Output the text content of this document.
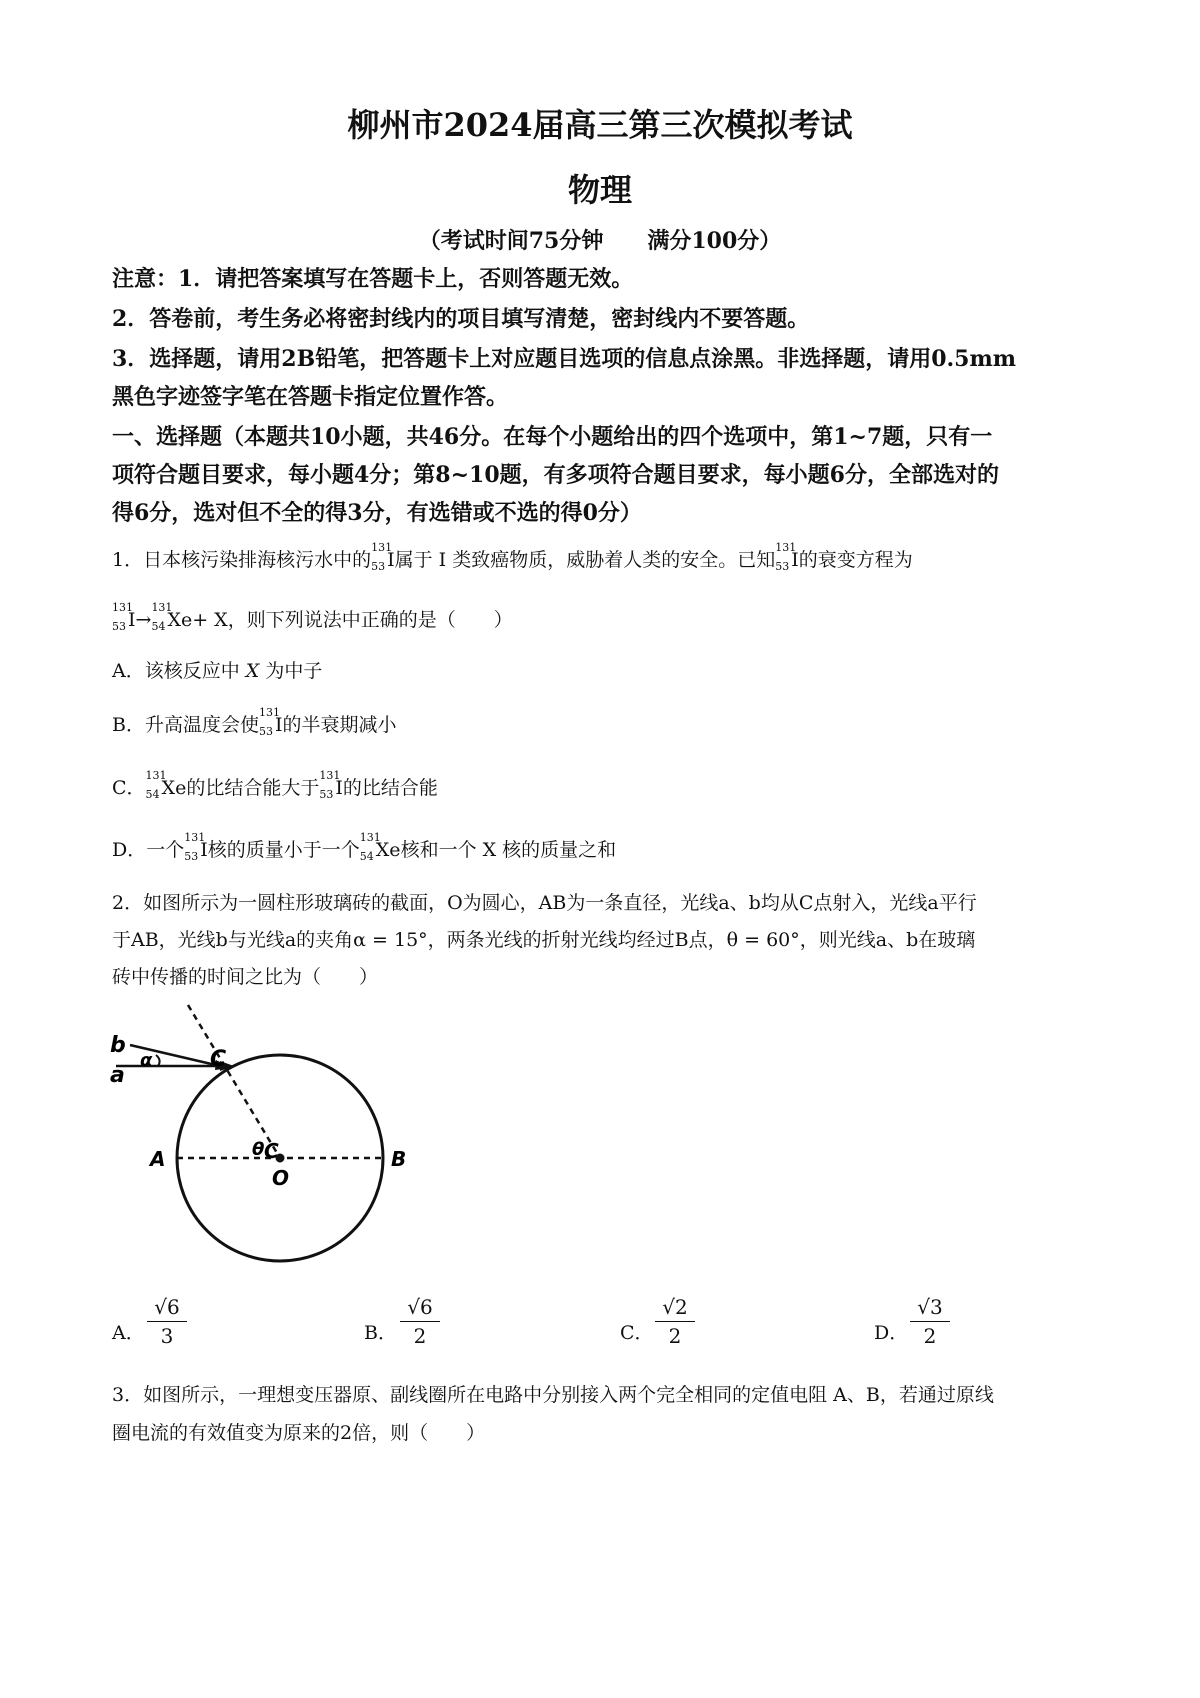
柳州市2024届高三第三次模拟考试
物理
（考试时间75分钟 满分100分）
注意：1．请把答案填写在答题卡上，否则答题无效。
2．答卷前，考生务必将密封线内的项目填写清楚，密封线内不要答题。
3．选择题，请用2B铅笔，把答题卡上对应题目选项的信息点涂黑。非选择题，请用0.5mm
黑色字迹签字笔在答题卡指定位置作答。
一、选择题（本题共10小题，共46分。在每个小题给出的四个选项中，第1~7题，只有一
项符合题目要求，每小题4分；第8~10题，有多项符合题目要求，每小题6分，全部选对的
得6分，选对但不全的得3分，有选错或不选的得0分）
1．日本核污染排海核污水中的
131
53 I属于 I 类致癌物质，威胁着人类的安全。已知
131
53 I的衰变方程为
131
53 I→
131
54 Xe+ X，则下列说法中正确的是（　　）
A．该核反应中 X 为中子
B．升高温度会使
131
53 I的半衰期减小
C．
131
54 Xe的比结合能大于
131
53 I的比结合能
D．一个
131
53 I核的质量小于一个
131
54 Xe核和一个 X 核的质量之和
2．如图所示为一圆柱形玻璃砖的截面，O为圆心，AB为一条直径，光线a、b均从C点射入，光线a平行
于AB，光线b与光线a的夹角α = 15°，两条光线的折射光线均经过B点，θ = 60°，则光线a、b在玻璃
砖中传播的时间之比为（　　）
b
a
α	C
A	B
θ C
O
A． $\frac{√6}{3}$	B． $\frac{√6}{2}$	C． $\frac{√2}{2}$	D． $\frac{√3}{2}$
3．如图所示，一理想变压器原、副线圈所在电路中分别接入两个完全相同的定值电阻 A、B，若通过原线
圈电流的有效值变为原来的2倍，则（　　）
